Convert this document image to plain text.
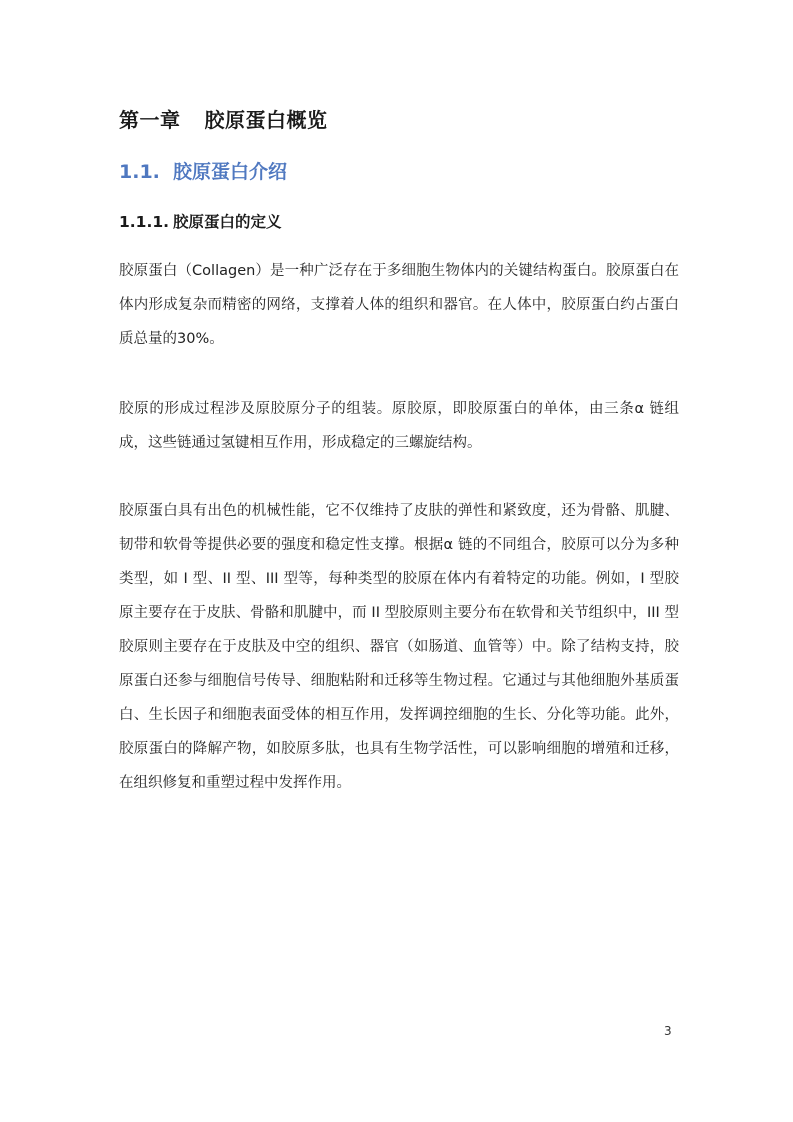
第一章 胶原蛋白概览
1.1. 胶原蛋白介绍
1.1.1. 胶原蛋白的定义

胶原蛋白（Collagen）是一种广泛存在于多细胞生物体内的关键结构蛋白。胶原蛋白在体内形成复杂而精密的网络，支撑着人体的组织和器官。在人体中，胶原蛋白约占蛋白质总量的30%。

胶原的形成过程涉及原胶原分子的组装。原胶原，即胶原蛋白的单体，由三条α 链组成，这些链通过氢键相互作用，形成稳定的三螺旋结构。

胶原蛋白具有出色的机械性能，它不仅维持了皮肤的弹性和紧致度，还为骨骼、肌腱、韧带和软骨等提供必要的强度和稳定性支撑。根据α 链的不同组合，胶原可以分为多种类型，如 I 型、II 型、III 型等，每种类型的胶原在体内有着特定的功能。例如，I 型胶原主要存在于皮肤、骨骼和肌腱中，而 II 型胶原则主要分布在软骨和关节组织中，III 型胶原则主要存在于皮肤及中空的组织、器官（如肠道、血管等）中。除了结构支持，胶原蛋白还参与细胞信号传导、细胞粘附和迁移等生物过程。它通过与其他细胞外基质蛋白、生长因子和细胞表面受体的相互作用，发挥调控细胞的生长、分化等功能。此外，胶原蛋白的降解产物，如胶原多肽，也具有生物学活性，可以影响细胞的增殖和迁移，在组织修复和重塑过程中发挥作用。

3
